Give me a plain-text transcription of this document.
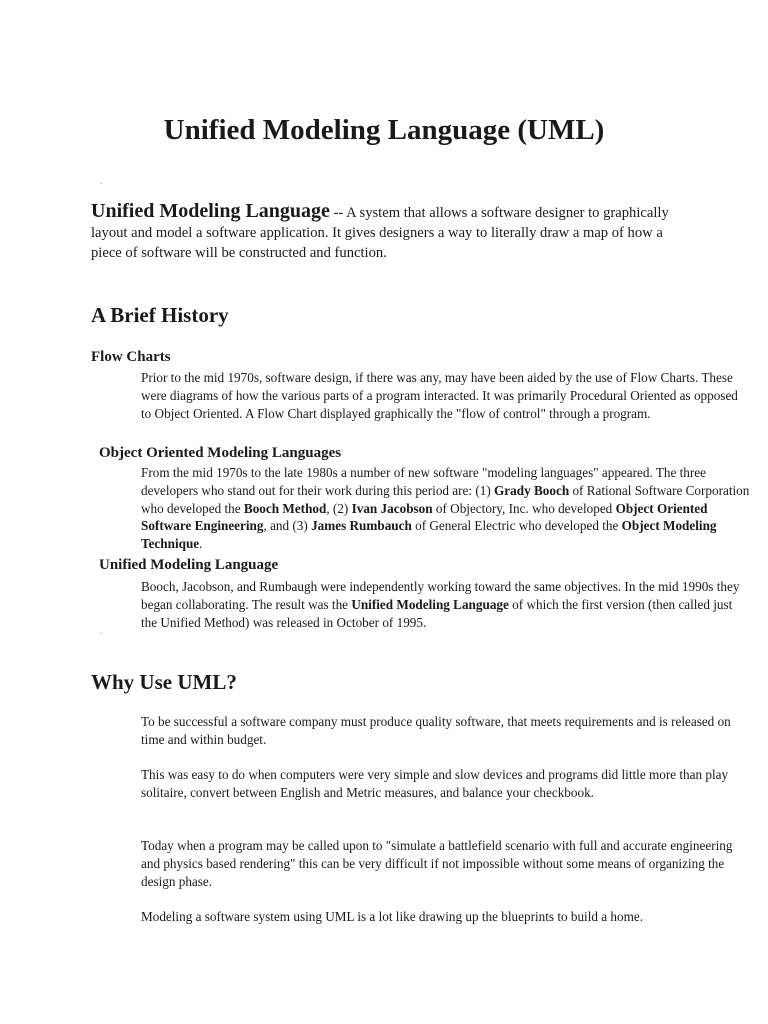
Unified Modeling Language (UML)

Unified Modeling Language -- A system that allows a software designer to graphically layout and model a software application. It gives designers a way to literally draw a map of how a piece of software will be constructed and function.

A Brief History
Flow Charts

Prior to the mid 1970s, software design, if there was any, may have been aided by the use of Flow Charts. These were diagrams of how the various parts of a program interacted. It was primarily Procedural Oriented as opposed to Object Oriented. A Flow Chart displayed graphically the "flow of control" through a program.

Object Oriented Modeling Languages

From the mid 1970s to the late 1980s a number of new software "modeling languages" appeared. The three developers who stand out for their work during this period are: (1) Grady Booch of Rational Software Corporation who developed the Booch Method, (2) Ivan Jacobson of Objectory, Inc. who developed Object Oriented Software Engineering, and (3) James Rumbauch of General Electric who developed the Object Modeling Technique.

Unified Modeling Language

Booch, Jacobson, and Rumbaugh were independently working toward the same objectives. In the mid 1990s they began collaborating. The result was the Unified Modeling Language of which the first version (then called just the Unified Method) was released in October of 1995.

Why Use UML?

To be successful a software company must produce quality software, that meets requirements and is released on time and within budget.

This was easy to do when computers were very simple and slow devices and programs did little more than play solitaire, convert between English and Metric measures, and balance your checkbook.

Today when a program may be called upon to "simulate a battlefield scenario with full and accurate engineering and physics based rendering" this can be very difficult if not impossible without some means of organizing the design phase.

Modeling a software system using UML is a lot like drawing up the blueprints to build a home.
